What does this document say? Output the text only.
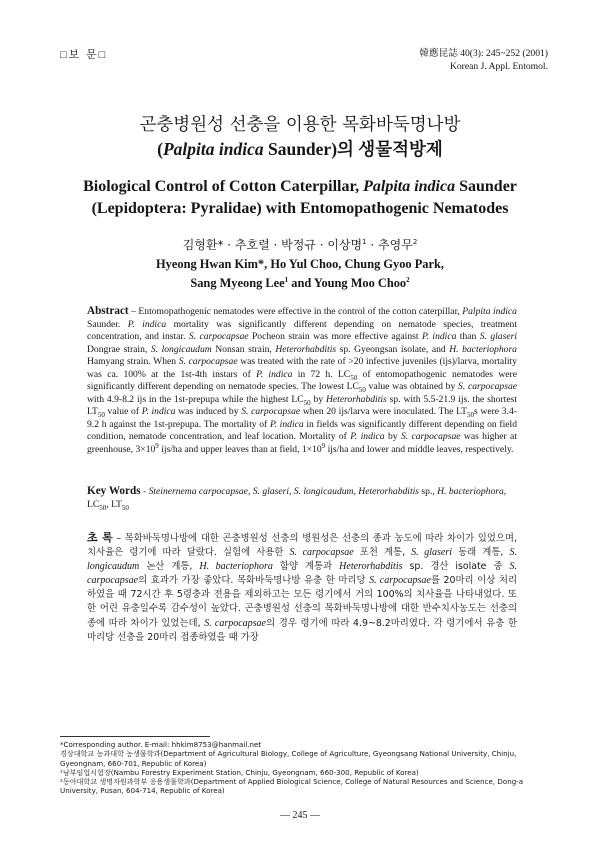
□보 문□	韓應昆誌 40(3): 245~252 (2001)
Korean J. Appl. Entomol.
곤충병원성 선충을 이용한 목화바둑명나방
(Palpita indica Saunder)의 생물적방제
Biological Control of Cotton Caterpillar, Palpita indica Saunder
(Lepidoptera: Pyralidae) with Entomopathogenic Nematodes
김형환* · 추호렬 · 박정규 · 이상명$^1$ · 추영무$^2$
Hyeong Hwan Kim*, Ho Yul Choo, Chung Gyoo Park,
Sang Myeong Lee$^1$ and Young Moo Choo$^2$
Abstract – Entomopathogenic nematodes were effective in the control of the cotton caterpillar, Palpita indica Saunder. P. indica mortality was significantly different depending on nematode species, treatment concentration, and instar. S. carpocapsae Pocheon strain was more effective against P. indica than S. glaseri Dongrae strain, S. longicaudum Nonsan strain, Heterorhabditis sp. Gyeongsan isolate, and H. bacteriophora Hamyang strain. When S. carpocapsae was treated with the rate of >20 infective juveniles (ijs)/larva, mortality was ca. 100% at the 1st-4th instars of P. indica in 72 h. $LC_{50}$ of entomopathogenic nematodes were significantly different depending on nematode species. The lowest $LC_{50}$ value was obtained by S. carpocapsae with 4.9-8.2 ijs in the 1st-prepupa while the highest $LC_{50}$ by Heterorhabditis sp. with 5.5-21.9 ijs. the shortest $LT_{50}$ value of P. indica was induced by S. carpocapsae when 20 ijs/larva were inoculated. The $LT_{50}s$ were 3.4-9.2 h against the 1st-prepupa. The mortality of P. indica in fields was significantly different depending on field condition, nematode concentration, and leaf location. Mortality of P. indica by S. carpocapsae was higher at greenhouse, $3\times 10^9$ ijs/ha and upper leaves than at field, $1\times 10^9$ ijs/ha and lower and middle leaves, respectively.
Key Words - Steinernema carpocapsae, S. glaseri, S. longicaudum, Heterorhabditis sp., H. bacteriophora, $LC_{50}$, $LT_{50}$
초 록 – 목화바둑명나방에 대한 곤충병원성 선충의 병원성은 선충의 종과 농도에 따라 차이가 있었으며, 치사율은 령기에 따라 달랐다. 실험에 사용한 S. carpocapsae 포천 계통, S. glaseri 동래 계통, S. longicaudum 논산 계통, H. bacteriophora 함양 계통과 Heterorhabditis sp. 경산 isolate 중 S. carpocapsae의 효과가 가장 좋았다. 목화바둑명나방 유충 한 마리당 S. carpocapsae를 20마리 이상 처리하였을 때 72시간 후 5령충과 전용을 제외하고는 모든 령기에서 거의 100%의 치사율을 나타내었다. 또한 어린 유충일수록 감수성이 높았다. 곤충병원성 선충의 목화바둑명나방에 대한 반수치사농도는 선충의 종에 따라 차이가 있었는데, S. carpocapsae의 경우 령기에 따라 4.9~8.2마리였다. 각 령기에서 유충 한 마리당 선충을 20마리 접종하였을 때 가장

*Corresponding author. E-mail: hhkim8753@hanmail.net

경상대학교 농과대학 농생물학과(Department of Agricultural Biology, College of Agriculture, Gyeongsang National University, Chinju, Gyeongnam, 660-701, Republic of Korea)

¹남부임업시험장(Nambu Forestry Experiment Station, Chinju, Gyeongnam, 660-300, Republic of Korea)

²동아대학교 생명자원과학부 응용생물학과(Department of Applied Biological Science, College of Natural Resources and Science, Dong-a University, Pusan, 604-714, Republic of Korea)

— 245 —
